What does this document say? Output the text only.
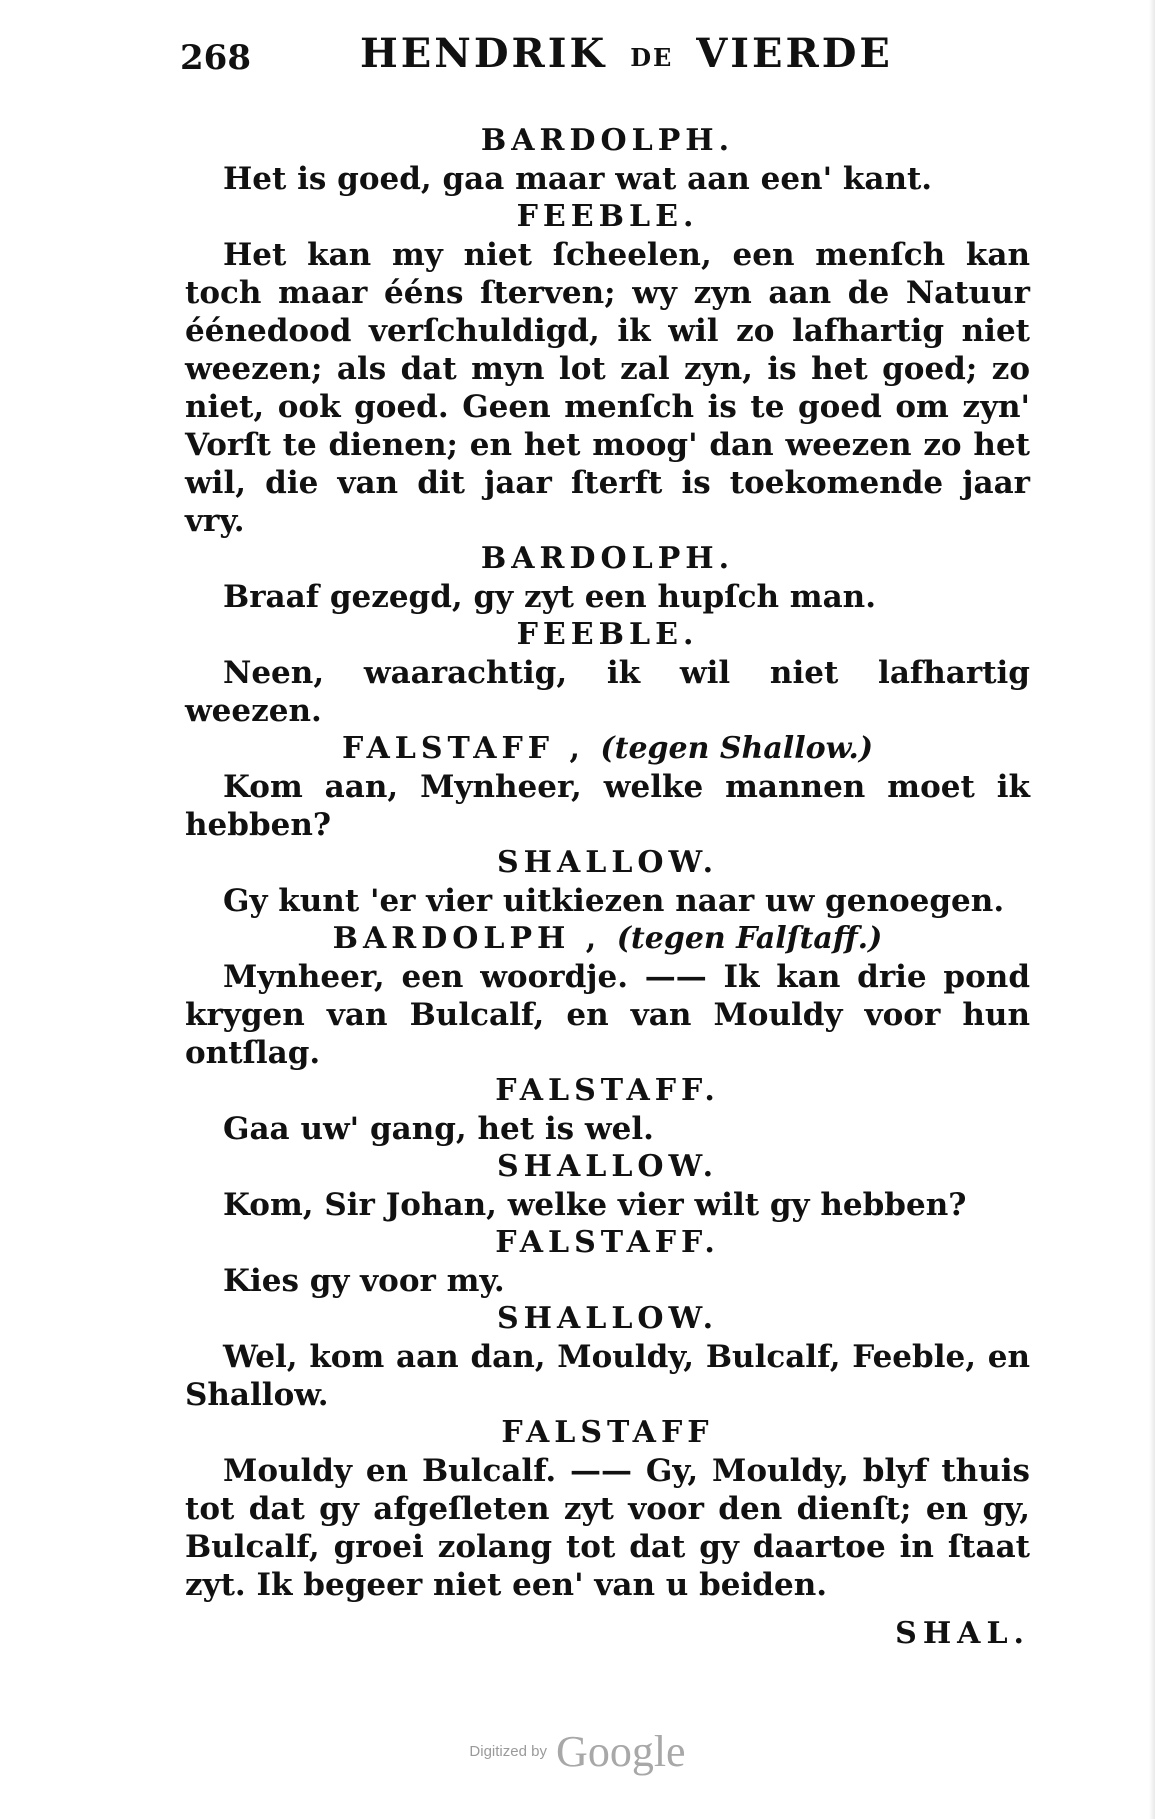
268	HENDRIK DE VIERDE
BARDOLPH.

Het is goed, gaa maar wat aan een' kant.

FEEBLE.

Het kan my niet ſcheelen, een menſch kan toch maar ééns ſterven; wy zyn aan de Natuur éénedood verſchuldigd, ik wil zo lafhartig niet weezen; als dat myn lot zal zyn, is het goed; zo niet, ook goed. Geen menſch is te goed om zyn' Vorſt te dienen; en het moog' dan weezen zo het wil, die van dit jaar ſterft is toekomende jaar vry.

BARDOLPH.

Braaf gezegd, gy zyt een hupſch man.

FEEBLE.

Neen, waarachtig, ik wil niet lafhartig weezen.

FALSTAFF , (tegen Shallow.)

Kom aan, Mynheer, welke mannen moet ik hebben?

SHALLOW.

Gy kunt 'er vier uitkiezen naar uw genoegen.

BARDOLPH , (tegen Falſtaff.)

Mynheer, een woordje. —— Ik kan drie pond krygen van Bulcalf, en van Mouldy voor hun ontſlag.

FALSTAFF.

Gaa uw' gang, het is wel.

SHALLOW.

Kom, Sir Johan, welke vier wilt gy hebben?

FALSTAFF.

Kies gy voor my.

SHALLOW.

Wel, kom aan dan, Mouldy, Bulcalf, Feeble, en Shallow.

FALSTAFF

Mouldy en Bulcalf. —— Gy, Mouldy, blyf thuis tot dat gy afgeſleten zyt voor den dienſt; en gy, Bulcalf, groei zolang tot dat gy daartoe in ſtaat zyt. Ik begeer niet een' van u beiden.

SHAL.
Digitized by Google
